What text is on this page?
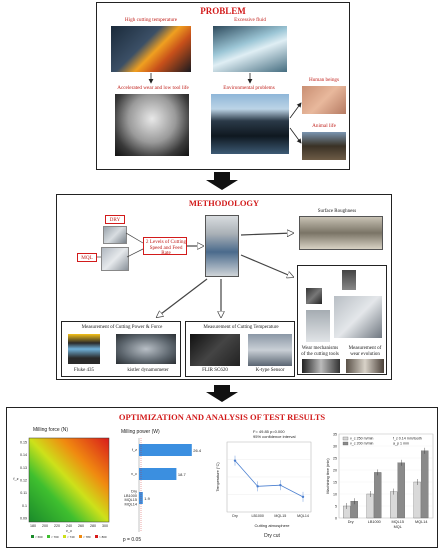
PROBLEM
High cutting temperature	Excessive fluid
Accelerated wear and low tool life	Environmental problems
Human beings
Animal life
METHODOLOGY
DRY
MQL
2 Levels of Cutting Speed and Feed Rate
Surface Roughness
Wear mechanisms of the cutting tools
Measurement of wear evolution
Measurement of Cutting Power & Force
Fluke 435	kistler dynamometer
Measurement of Cutting Temperature
FLIR SC620	K-type Sensor
OPTIMIZATION AND ANALYSIS OF TEST RESULTS
Milling force (N)
0.15
0.14
0.13
0.12
0.11
0.1
0.09
180 200 220 240 260 280 300
v_c
f_z
< 660	< 700	< 740	< 780	> 800
Milling power (W)
26.4
f_z
18.7
v_c
1.9
Dry
LB1000
MQL15
MQL14
p = 0.05
Dry	LB1000	MQL15	MQL14
Temperature (°C)
F= 49.85 p=0.000
95% confidence interval
Cutting atmosphere
Dry cut
0
5
10
15
20
25
30
35
Dry	LB1000	MQL15	MQL14
MQL
Machining time (min)
v_c 250 m/min
v_c 200 m/min
f_z 0.14 mm/tooth
a_p 1 mm
